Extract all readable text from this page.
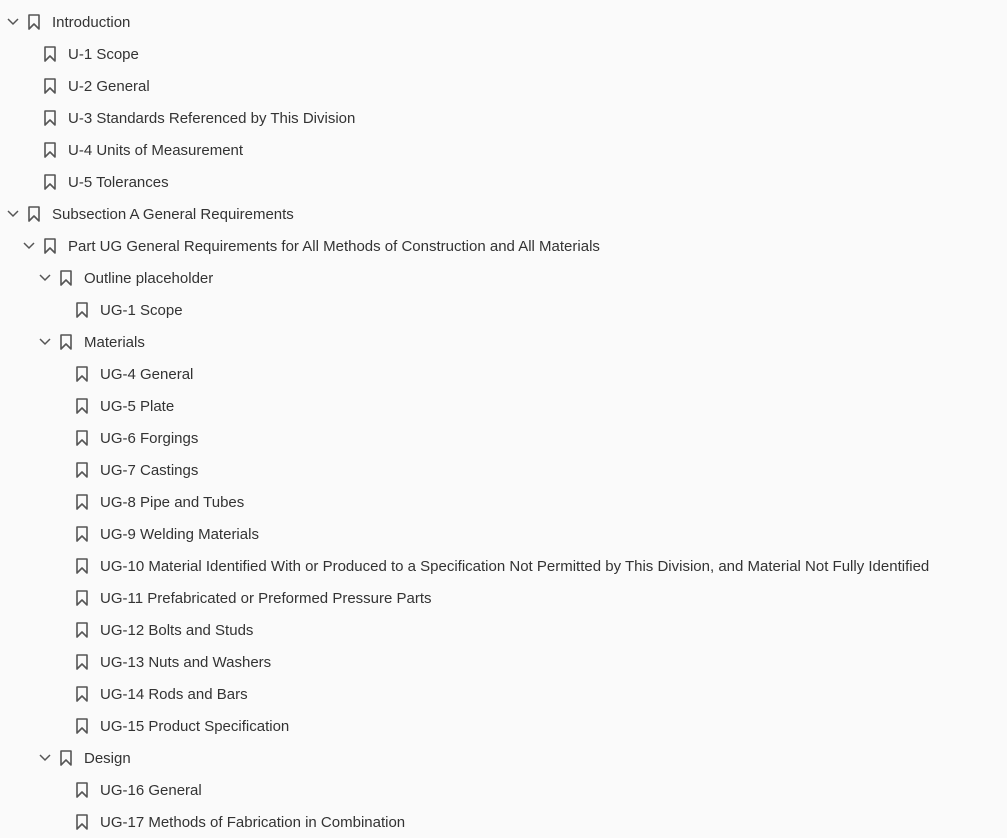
Introduction
U-1 Scope
U-2 General
U-3 Standards Referenced by This Division
U-4 Units of Measurement
U-5 Tolerances
Subsection A General Requirements
Part UG General Requirements for All Methods of Construction and All Materials
Outline placeholder
UG-1 Scope
Materials
UG-4 General
UG-5 Plate
UG-6 Forgings
UG-7 Castings
UG-8 Pipe and Tubes
UG-9 Welding Materials
UG-10 Material Identified With or Produced to a Specification Not Permitted by This Division, and Material Not Fully Identified
UG-11 Prefabricated or Preformed Pressure Parts
UG-12 Bolts and Studs
UG-13 Nuts and Washers
UG-14 Rods and Bars
UG-15 Product Specification
Design
UG-16 General
UG-17 Methods of Fabrication in Combination
